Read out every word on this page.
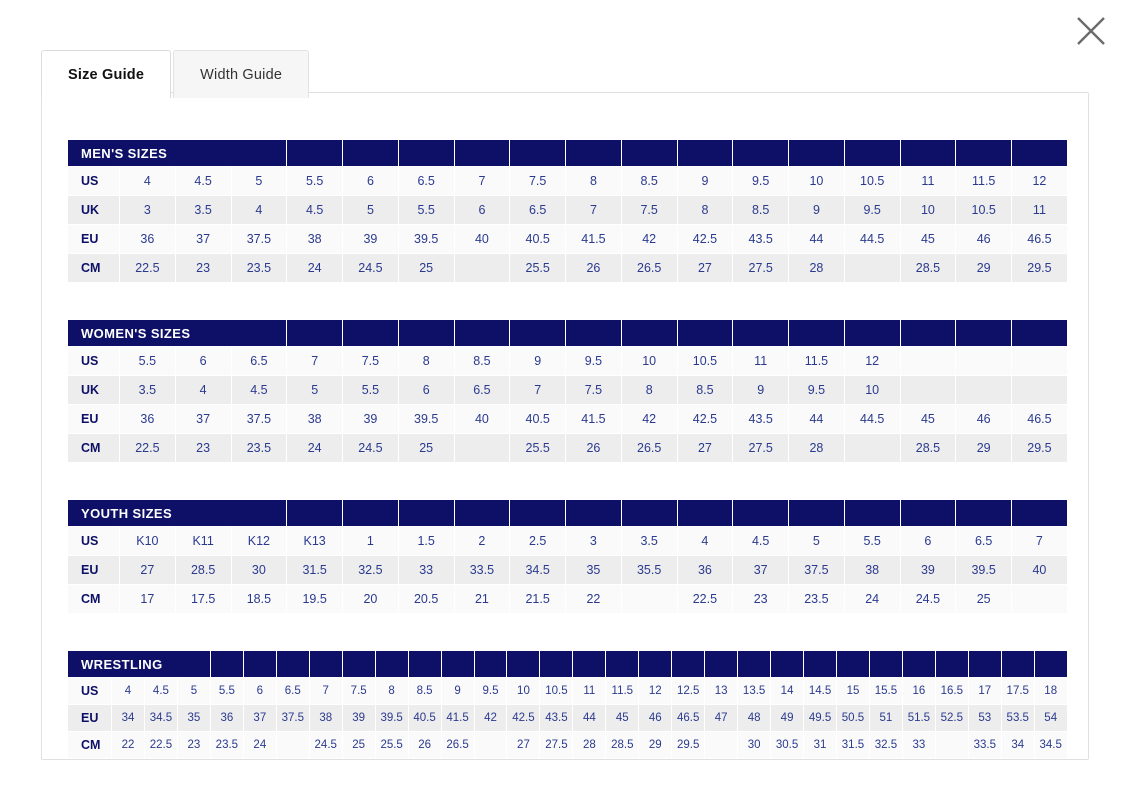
Size Guide	Width Guide
MEN'S SIZES																	
US	4	4.5	5	5.5	6	6.5	7	7.5	8	8.5	9	9.5	10	10.5	11	11.5	12
UK	3	3.5	4	4.5	5	5.5	6	6.5	7	7.5	8	8.5	9	9.5	10	10.5	11
EU	36	37	37.5	38	39	39.5	40	40.5	41.5	42	42.5	43.5	44	44.5	45	46	46.5
CM	22.5	23	23.5	24	24.5	25		25.5	26	26.5	27	27.5	28		28.5	29	29.5
WOMEN'S SIZES																	
US	5.5	6	6.5	7	7.5	8	8.5	9	9.5	10	10.5	11	11.5	12			
UK	3.5	4	4.5	5	5.5	6	6.5	7	7.5	8	8.5	9	9.5	10			
EU	36	37	37.5	38	39	39.5	40	40.5	41.5	42	42.5	43.5	44	44.5	45	46	46.5
CM	22.5	23	23.5	24	24.5	25		25.5	26	26.5	27	27.5	28		28.5	29	29.5
YOUTH SIZES																	
US	K10	K11	K12	K13	1	1.5	2	2.5	3	3.5	4	4.5	5	5.5	6	6.5	7
EU	27	28.5	30	31.5	32.5	33	33.5	34.5	35	35.5	36	37	37.5	38	39	39.5	40
CM	17	17.5	18.5	19.5	20	20.5	21	21.5	22		22.5	23	23.5	24	24.5	25	
WRESTLING																													
US	4	4.5	5	5.5	6	6.5	7	7.5	8	8.5	9	9.5	10	10.5	11	11.5	12	12.5	13	13.5	14	14.5	15	15.5	16	16.5	17	17.5	18
EU	34	34.5	35	36	37	37.5	38	39	39.5	40.5	41.5	42	42.5	43.5	44	45	46	46.5	47	48	49	49.5	50.5	51	51.5	52.5	53	53.5	54
CM	22	22.5	23	23.5	24		24.5	25	25.5	26	26.5		27	27.5	28	28.5	29	29.5		30	30.5	31	31.5	32.5	33		33.5	34	34.5
